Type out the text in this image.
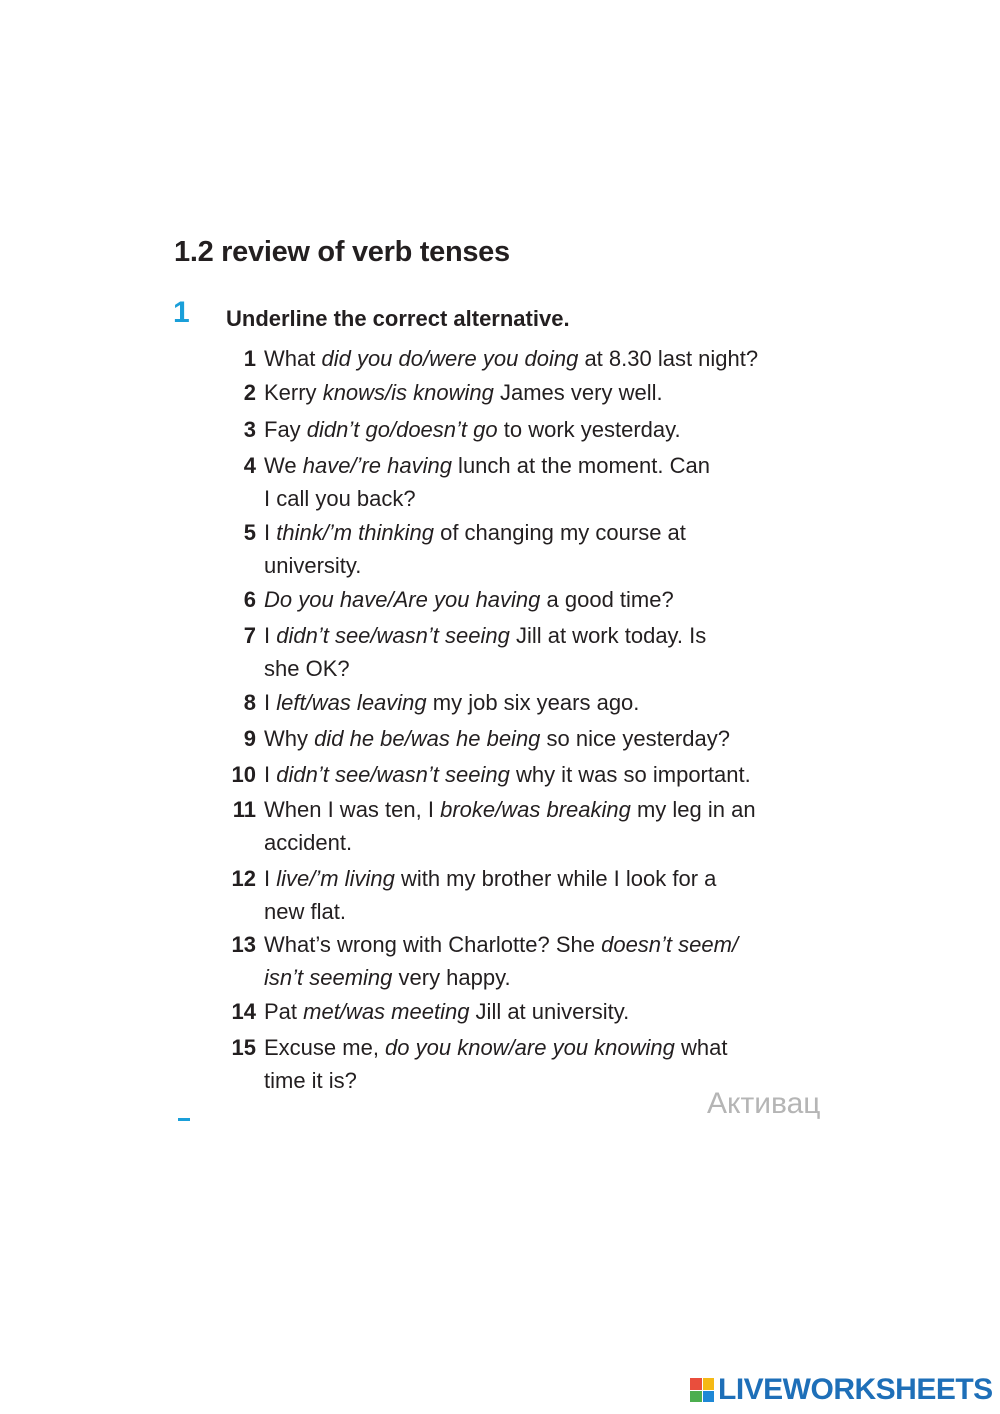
1.2 review of verb tenses
1 Underline the correct alternative.
1 What did you do/were you doing at 8.30 last night?
2 Kerry knows/is knowing James very well.
3 Fay didn’t go/doesn’t go to work yesterday.
4 We have/’re having lunch at the moment. Can
I call you back?
5 I think/’m thinking of changing my course at
university.
6 Do you have/Are you having a good time?
7 I didn’t see/wasn’t seeing Jill at work today. Is
she OK?
8 I left/was leaving my job six years ago.
9 Why did he be/was he being so nice yesterday?
10 I didn’t see/wasn’t seeing why it was so important.
11 When I was ten, I broke/was breaking my leg in an
accident.
12 I live/’m living with my brother while I look for a
new flat.
13 What’s wrong with Charlotte? She doesn’t seem/
isn’t seeming very happy.
14 Pat met/was meeting Jill at university.
15 Excuse me, do you know/are you knowing what
time it is?
Активац
LIVEWORKSHEETS
